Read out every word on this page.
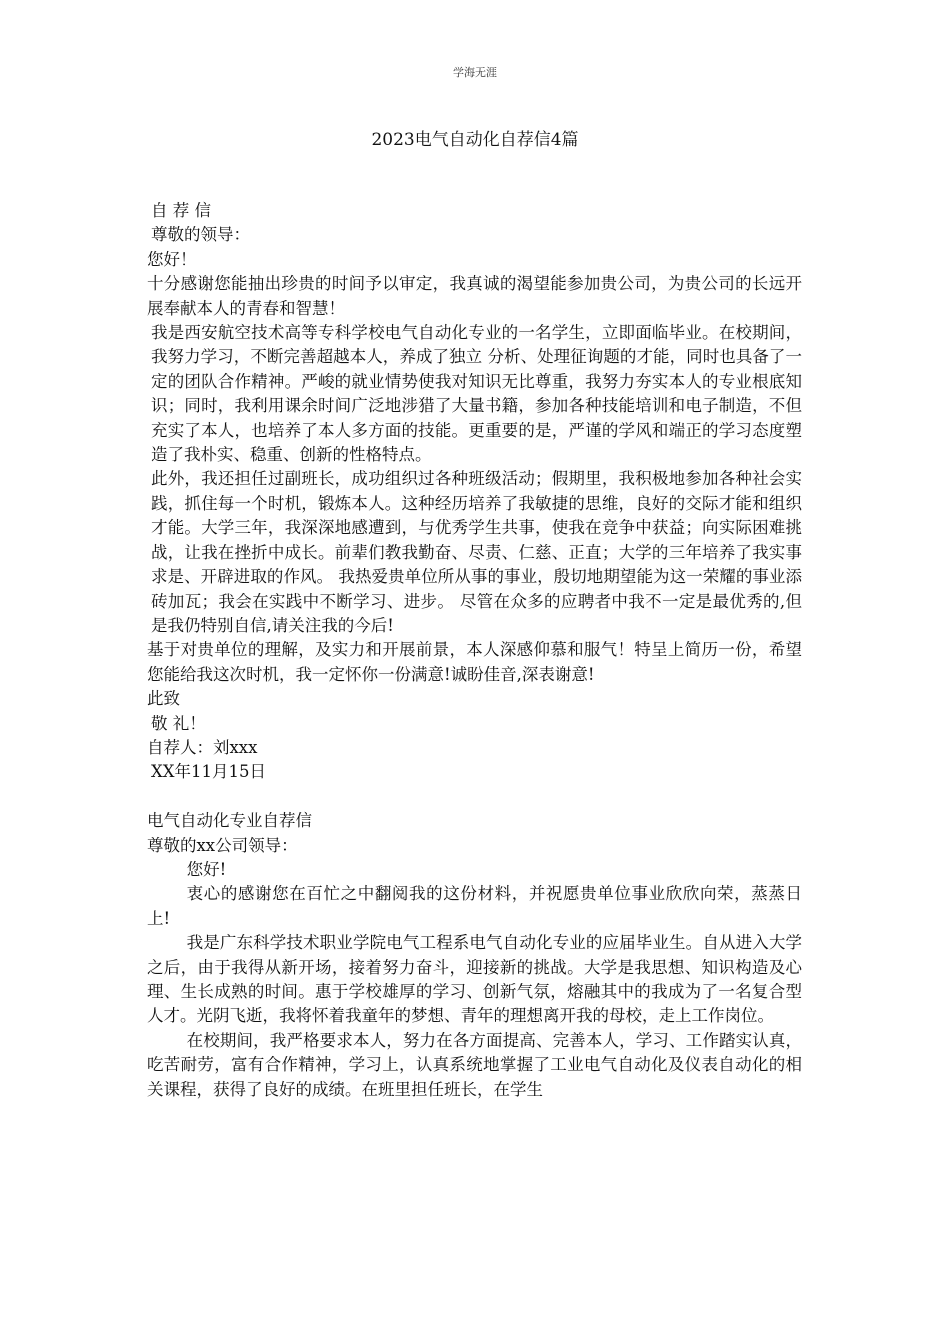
学海无涯
2023电气自动化自荐信4篇

自 荐 信

尊敬的领导：

您好！

十分感谢您能抽出珍贵的时间予以审定，我真诚的渴望能参加贵公司，为贵公司的长远开展奉献本人的青春和智慧！

我是西安航空技术高等专科学校电气自动化专业的一名学生，立即面临毕业。在校期间，我努力学习，不断完善超越本人，养成了独立 分析、处理征询题的才能，同时也具备了一定的团队合作精神。严峻的就业情势使我对知识无比尊重，我努力夯实本人的专业根底知识；同时，我利用课余时间广泛地涉猎了大量书籍，参加各种技能培训和电子制造，不但充实了本人，也培养了本人多方面的技能。更重要的是，严谨的学风和端正的学习态度塑造了我朴实、稳重、创新的性格特点。

此外，我还担任过副班长，成功组织过各种班级活动；假期里，我积极地参加各种社会实践，抓住每一个时机，锻炼本人。这种经历培养了我敏捷的思维，良好的交际才能和组织才能。大学三年，我深深地感遭到，与优秀学生共事，使我在竞争中获益；向实际困难挑战，让我在挫折中成长。前辈们教我勤奋、尽责、仁慈、正直；大学的三年培养了我实事求是、开辟进取的作风。 我热爱贵单位所从事的事业，殷切地期望能为这一荣耀的事业添砖加瓦；我会在实践中不断学习、进步。 尽管在众多的应聘者中我不一定是最优秀的,但是我仍特别自信,请关注我的今后!

基于对贵单位的理解，及实力和开展前景，本人深感仰慕和服气！特呈上简历一份，希望您能给我这次时机，我一定怀你一份满意!诚盼佳音,深表谢意!

此致

敬 礼！

自荐人：刘xxx

XX年11月15日

电气自动化专业自荐信

尊敬的xx公司领导：

您好!

衷心的感谢您在百忙之中翻阅我的这份材料，并祝愿贵单位事业欣欣向荣，蒸蒸日上!

我是广东科学技术职业学院电气工程系电气自动化专业的应届毕业生。自从进入大学之后，由于我得从新开场，接着努力奋斗，迎接新的挑战。大学是我思想、知识构造及心理、生长成熟的时间。惠于学校雄厚的学习、创新气氛，熔融其中的我成为了一名复合型人才。光阴飞逝，我将怀着我童年的梦想、青年的理想离开我的母校，走上工作岗位。

在校期间，我严格要求本人，努力在各方面提高、完善本人，学习、工作踏实认真，吃苦耐劳，富有合作精神，学习上，认真系统地掌握了工业电气自动化及仪表自动化的相关课程，获得了良好的成绩。在班里担任班长，在学生
